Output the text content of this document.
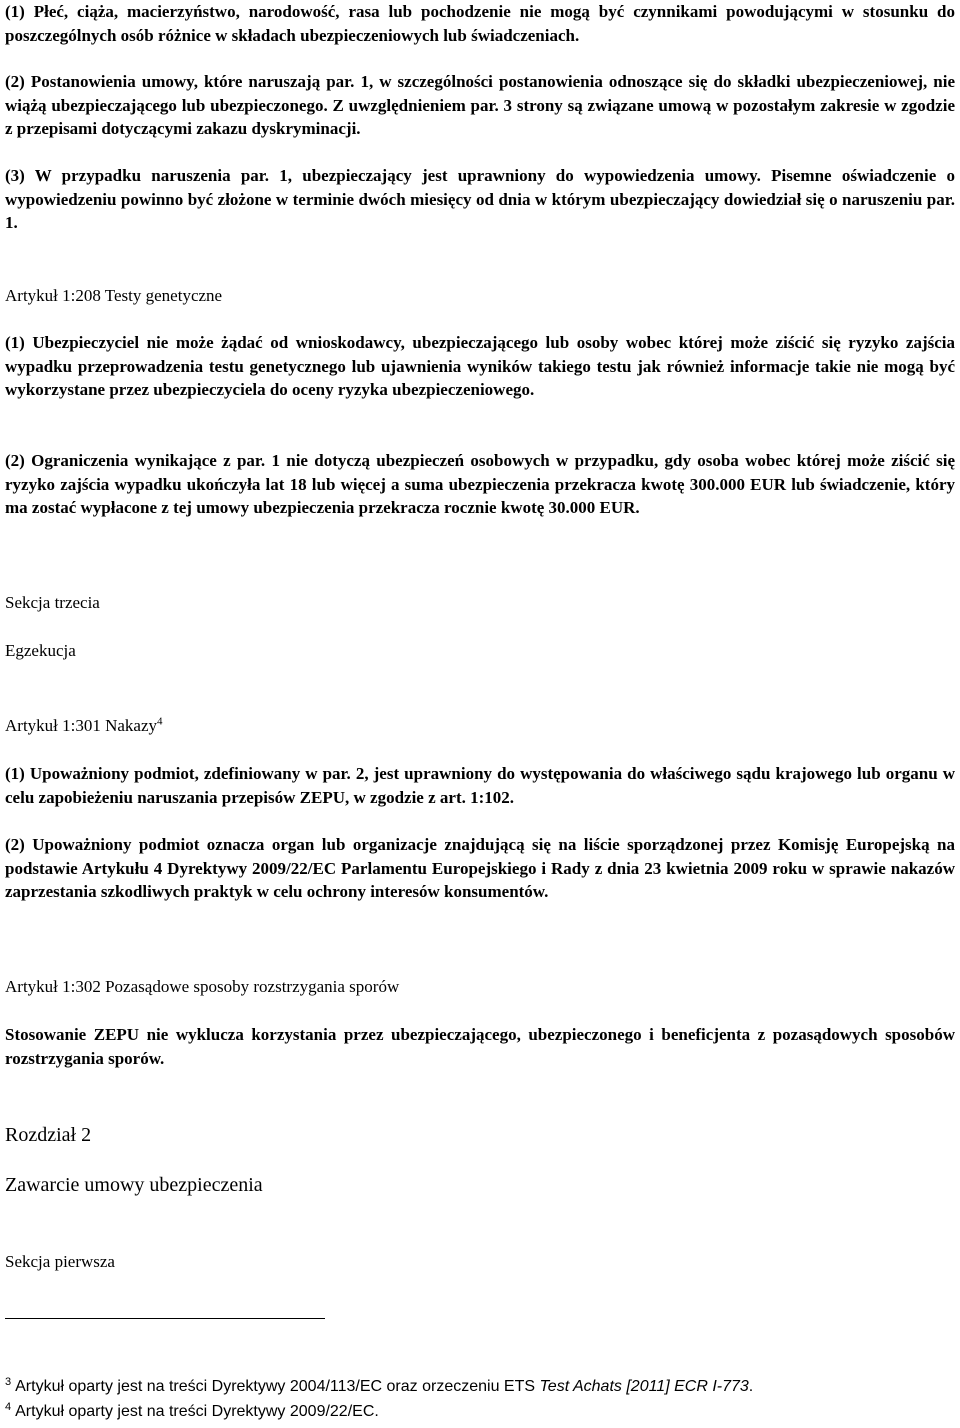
(1) Płeć, ciąża, macierzyństwo, narodowość, rasa lub pochodzenie nie mogą być czynnikami powodującymi w stosunku do poszczególnych osób różnice w składach ubezpieczeniowych lub świadczeniach.

(2) Postanowienia umowy, które naruszają par. 1, w szczególności postanowienia odnoszące się do składki ubezpieczeniowej, nie wiążą ubezpieczającego lub ubezpieczonego. Z uwzględnieniem par. 3 strony są związane umową w pozostałym zakresie w zgodzie z przepisami dotyczącymi zakazu dyskryminacji.

(3) W przypadku naruszenia par. 1, ubezpieczający jest uprawniony do wypowiedzenia umowy. Pisemne oświadczenie o wypowiedzeniu powinno być złożone w terminie dwóch miesięcy od dnia w którym ubezpieczający dowiedział się o naruszeniu par. 1.

Artykuł 1:208 Testy genetyczne

(1) Ubezpieczyciel nie może żądać od wnioskodawcy, ubezpieczającego lub osoby wobec której może ziścić się ryzyko zajścia wypadku przeprowadzenia testu genetycznego lub ujawnienia wyników takiego testu jak również informacje takie nie mogą być wykorzystane przez ubezpieczyciela do oceny ryzyka ubezpieczeniowego.

(2) Ograniczenia wynikające z par. 1 nie dotyczą ubezpieczeń osobowych w przypadku, gdy osoba wobec której może ziścić się ryzyko zajścia wypadku ukończyła lat 18 lub więcej a suma ubezpieczenia przekracza kwotę 300.000 EUR lub świadczenie, który ma zostać wypłacone z tej umowy ubezpieczenia przekracza rocznie kwotę 30.000 EUR.

Sekcja trzecia
Egzekucja
Artykuł 1:301 Nakazy$^4$

(1) Upoważniony podmiot, zdefiniowany w par. 2, jest uprawniony do występowania do właściwego sądu krajowego lub organu w celu zapobieżeniu naruszania przepisów ZEPU, w zgodzie z art. 1:102.

(2) Upoważniony podmiot oznacza organ lub organizacje znajdującą się na liście sporządzonej przez Komisję Europejską na podstawie Artykułu 4 Dyrektywy 2009/22/EC Parlamentu Europejskiego i Rady z dnia 23 kwietnia 2009 roku w sprawie nakazów zaprzestania szkodliwych praktyk w celu ochrony interesów konsumentów.

Artykuł 1:302 Pozasądowe sposoby rozstrzygania sporów

Stosowanie ZEPU nie wyklucza korzystania przez ubezpieczającego, ubezpieczonego i beneficjenta z pozasądowych sposobów rozstrzygania sporów.

Rozdział 2
Zawarcie umowy ubezpieczenia
Sekcja pierwsza
$^3$ Artykuł oparty jest na treści Dyrektywy 2004/113/EC oraz orzeczeniu ETS Test Achats [2011] ECR I-773.
$^4$ Artykuł oparty jest na treści Dyrektywy 2009/22/EC.
